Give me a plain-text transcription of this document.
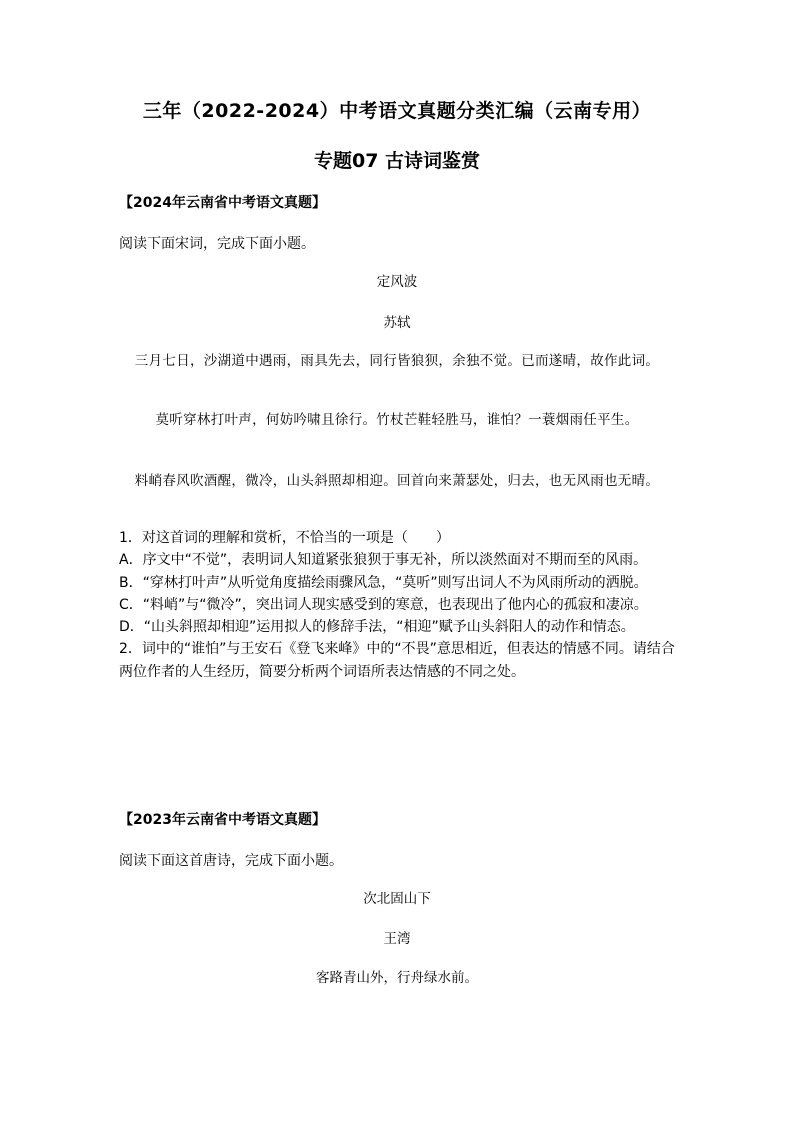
三年（2022-2024）中考语文真题分类汇编（云南专用）
专题07 古诗词鉴赏
【2024年云南省中考语文真题】
阅读下面宋词，完成下面小题。
定风波
苏轼
三月七日，沙湖道中遇雨，雨具先去，同行皆狼狈，余独不觉。已而遂晴，故作此词。
莫听穿林打叶声，何妨吟啸且徐行。竹杖芒鞋轻胜马，谁怕？一蓑烟雨任平生。
料峭春风吹酒醒，微冷，山头斜照却相迎。回首向来萧瑟处，归去，也无风雨也无晴。

1．对这首词的理解和赏析，不恰当的一项是（　　）

A．序文中“不觉”，表明词人知道紧张狼狈于事无补，所以淡然面对不期而至的风雨。

B．“穿林打叶声”从听觉角度描绘雨骤风急，“莫听”则写出词人不为风雨所动的洒脱。

C．“料峭”与“微冷”，突出词人现实感受到的寒意，也表现出了他内心的孤寂和凄凉。

D．“山头斜照却相迎”运用拟人的修辞手法，“相迎”赋予山头斜阳人的动作和情态。

2．词中的“谁怕”与王安石《登飞来峰》中的“不畏”意思相近，但表达的情感不同。请结合两位作者的人生经历，简要分析两个词语所表达情感的不同之处。

【2023年云南省中考语文真题】
阅读下面这首唐诗，完成下面小题。
次北固山下
王湾
客路青山外，行舟绿水前。
